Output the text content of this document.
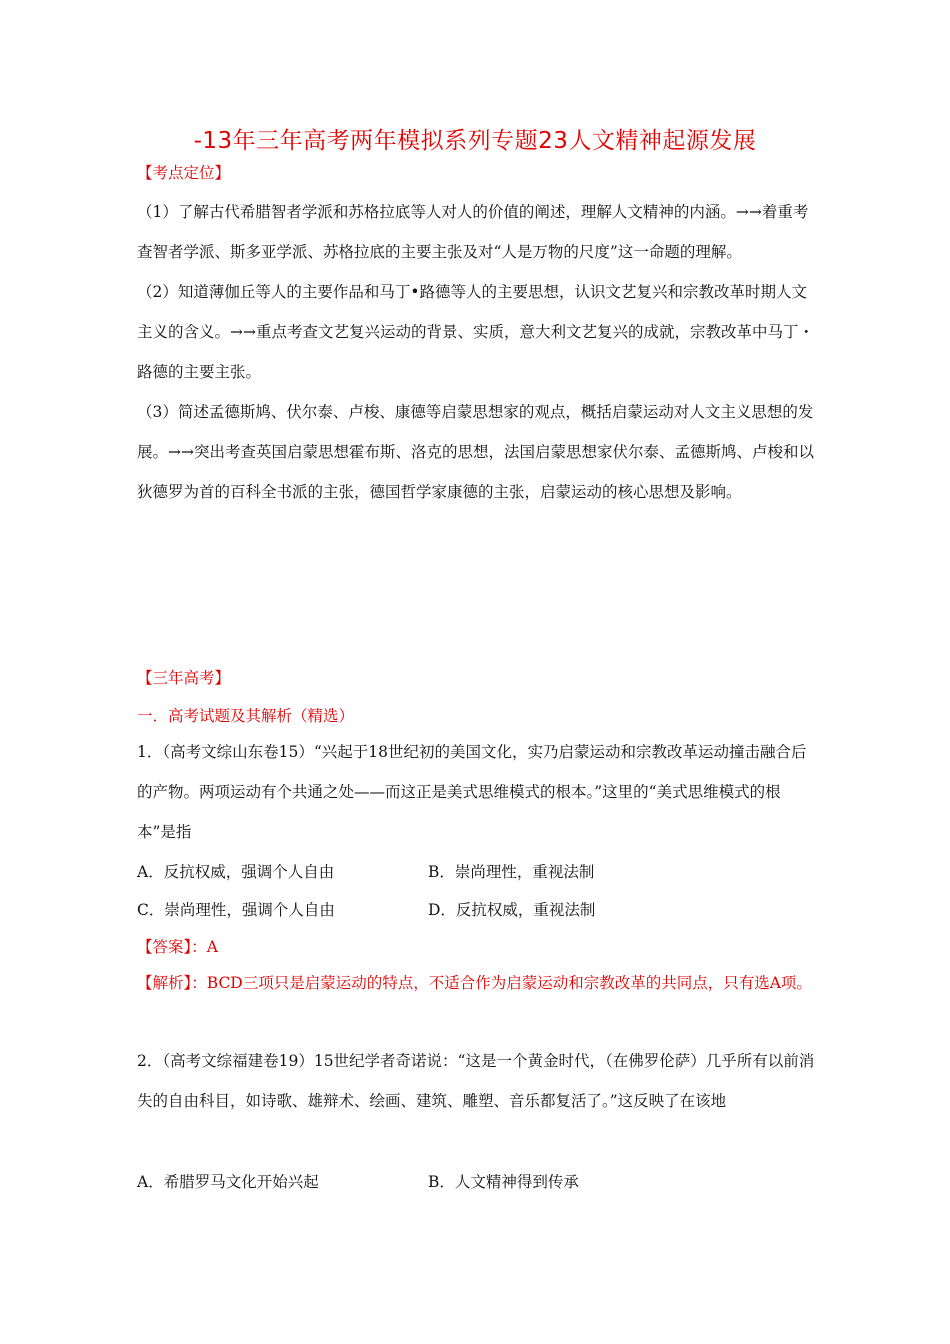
-13年三年高考两年模拟系列专题23人文精神起源发展
【考点定位】

（1）了解古代希腊智者学派和苏格拉底等人对人的价值的阐述，理解人文精神的内涵。→→着重考查智者学派、斯多亚学派、苏格拉底的主要主张及对“人是万物的尺度”这一命题的理解。

（2）知道薄伽丘等人的主要作品和马丁•路德等人的主要思想，认识文艺复兴和宗教改革时期人文主义的含义。→→重点考查文艺复兴运动的背景、实质，意大利文艺复兴的成就，宗教改革中马丁・路德的主要主张。

（3）简述孟德斯鸠、伏尔泰、卢梭、康德等启蒙思想家的观点，概括启蒙运动对人文主义思想的发展。→→突出考查英国启蒙思想霍布斯、洛克的思想，法国启蒙思想家伏尔泰、孟德斯鸠、卢梭和以狄德罗为首的百科全书派的主张，德国哲学家康德的主张，启蒙运动的核心思想及影响。

【三年高考】
一．高考试题及其解析（精选）

1．（高考文综山东卷15）“兴起于18世纪初的美国文化，实乃启蒙运动和宗教改革运动撞击融合后的产物。两项运动有个共通之处——而这正是美式思维模式的根本。”这里的“美式思维模式的根本”是指

A．反抗权威，强调个人自由	B．崇尚理性，重视法制
C．崇尚理性，强调个人自由	D．反抗权威，重视法制
【答案】：A

【解析】：BCD三项只是启蒙运动的特点，不适合作为启蒙运动和宗教改革的共同点，只有选A项。

2．（高考文综福建卷19）15世纪学者奇诺说：“这是一个黄金时代，（在佛罗伦萨）几乎所有以前消失的自由科目，如诗歌、雄辩术、绘画、建筑、雕塑、音乐都复活了。”这反映了在该地

A．希腊罗马文化开始兴起	B．人文精神得到传承
